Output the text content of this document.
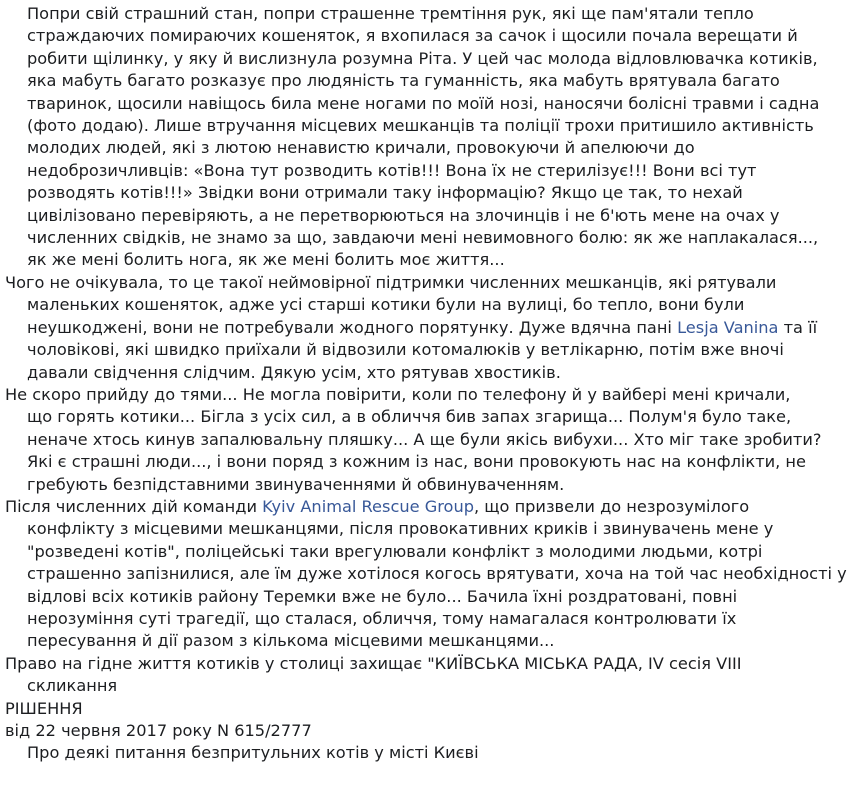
Попри свій страшний стан, попри страшенне тремтіння рук, які ще пам'ятали тепло

страждаючих помираючих кошеняток, я вхопилася за сачок і щосили почала верещати й

робити щілинку, у яку й вислизнула розумна Ріта. У цей час молода відловлювачка котиків,

яка мабуть багато розказує про людяність та гуманність, яка мабуть врятувала багато

тваринок, щосили навіщось била мене ногами по моїй нозі, наносячи болісні травми і садна

(фото додаю). Лише втручання місцевих мешканців та поліції трохи притишило активність

молодих людей, які з лютою ненавистю кричали, провокуючи й апелюючи до

недоброзичливців: «Вона тут розводить котів!!! Вона їх не стерилізує!!! Вони всі тут

розводять котів!!!» Звідки вони отримали таку інформацію? Якщо це так, то нехай

цивілізовано перевіряють, а не перетворюються на злочинців і не б'ють мене на очах у

численних свідків, не знамо за що, завдаючи мені невимовного болю: як же наплакалася...,

як же мені болить нога, як же мені болить моє життя...

Чого не очікувала, то це такої неймовірної підтримки численних мешканців, які рятували

маленьких кошеняток, адже усі старші котики були на вулиці, бо тепло, вони були

неушкоджені, вони не потребували жодного порятунку. Дуже вдячна пані Lesja Vanina та її

чоловікові, які швидко приїхали й відвозили котомалюків у ветлікарню, потім вже вночі

давали свідчення слідчим. Дякую усім, хто рятував хвостиків.

Не скоро прийду до тями... Не могла повірити, коли по телефону й у вайбері мені кричали,

що горять котики... Бігла з усіх сил, а в обличчя бив запах згарища... Полум'я було таке,

неначе хтось кинув запалювальну пляшку... А ще були якісь вибухи... Хто міг таке зробити?

Які є страшні люди..., і вони поряд з кожним із нас, вони провокують нас на конфлікти, не

гребують безпідставними звинуваченнями й обвинуваченням.

Після численних дій команди Kyiv Animal Rescue Group, що призвели до незрозумілого

конфлікту з місцевими мешканцями, після провокативних криків і звинувачень мене у

"розведені котів", поліцейські таки врегулювали конфлікт з молодими людьми, котрі

страшенно запізнилися, але їм дуже хотілося когось врятувати, хоча на той час необхідності у

відлові всіх котиків району Теремки вже не було... Бачила їхні роздратовані, повні

нерозуміння суті трагедії, що сталася, обличчя, тому намагалася контролювати їх

пересування й дії разом з кількома місцевими мешканцями...

Право на гідне життя котиків у столиці захищає "КИЇВСЬКА МІСЬКА РАДА, IV сесія VIII

скликання

РІШЕННЯ

від 22 червня 2017 року N 615/2777

Про деякі питання безпритульних котів у місті Києві
